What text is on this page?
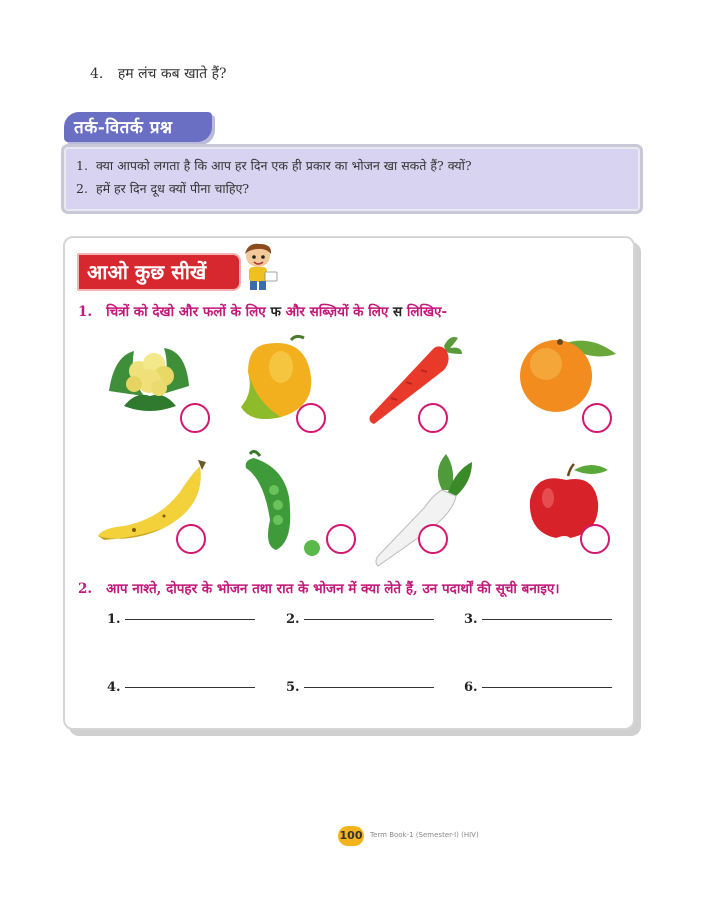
4. हम लंच कब खाते हैं?
तर्क-वितर्क प्रश्न
1. क्या आपको लगता है कि आप हर दिन एक ही प्रकार का भोजन खा सकते हैं? क्यों?
2. हमें हर दिन दूध क्यों पीना चाहिए?
आओ कुछ सीखें
1. चित्रों को देखो और फलों के लिए फ और सब्ज़ियों के लिए स लिखिए-
2. आप नाश्ते, दोपहर के भोजन तथा रात के भोजन में क्या लेते हैं, उन पदार्थों की सूची बनाइए।
1.	2.	3.
4.	5.	6.
100 Term Book-1 (Semester-I) (HIV)
